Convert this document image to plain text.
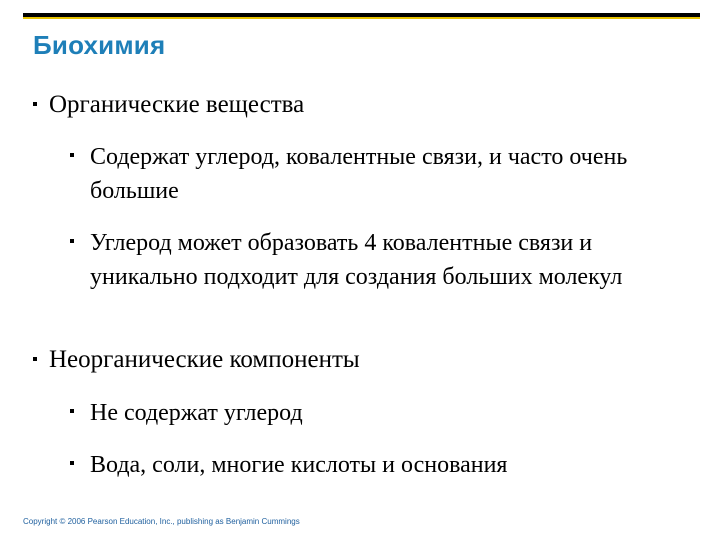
Биохимия
Органические вещества
Содержат углерод, ковалентные связи, и часто очень большие
Углерод может образовать 4 ковалентные связи и уникально подходит для создания больших молекул
Неорганические компоненты
Не содержат углерод
Вода, соли, многие кислоты и основания
Copyright © 2006 Pearson Education, Inc., publishing as Benjamin Cummings
